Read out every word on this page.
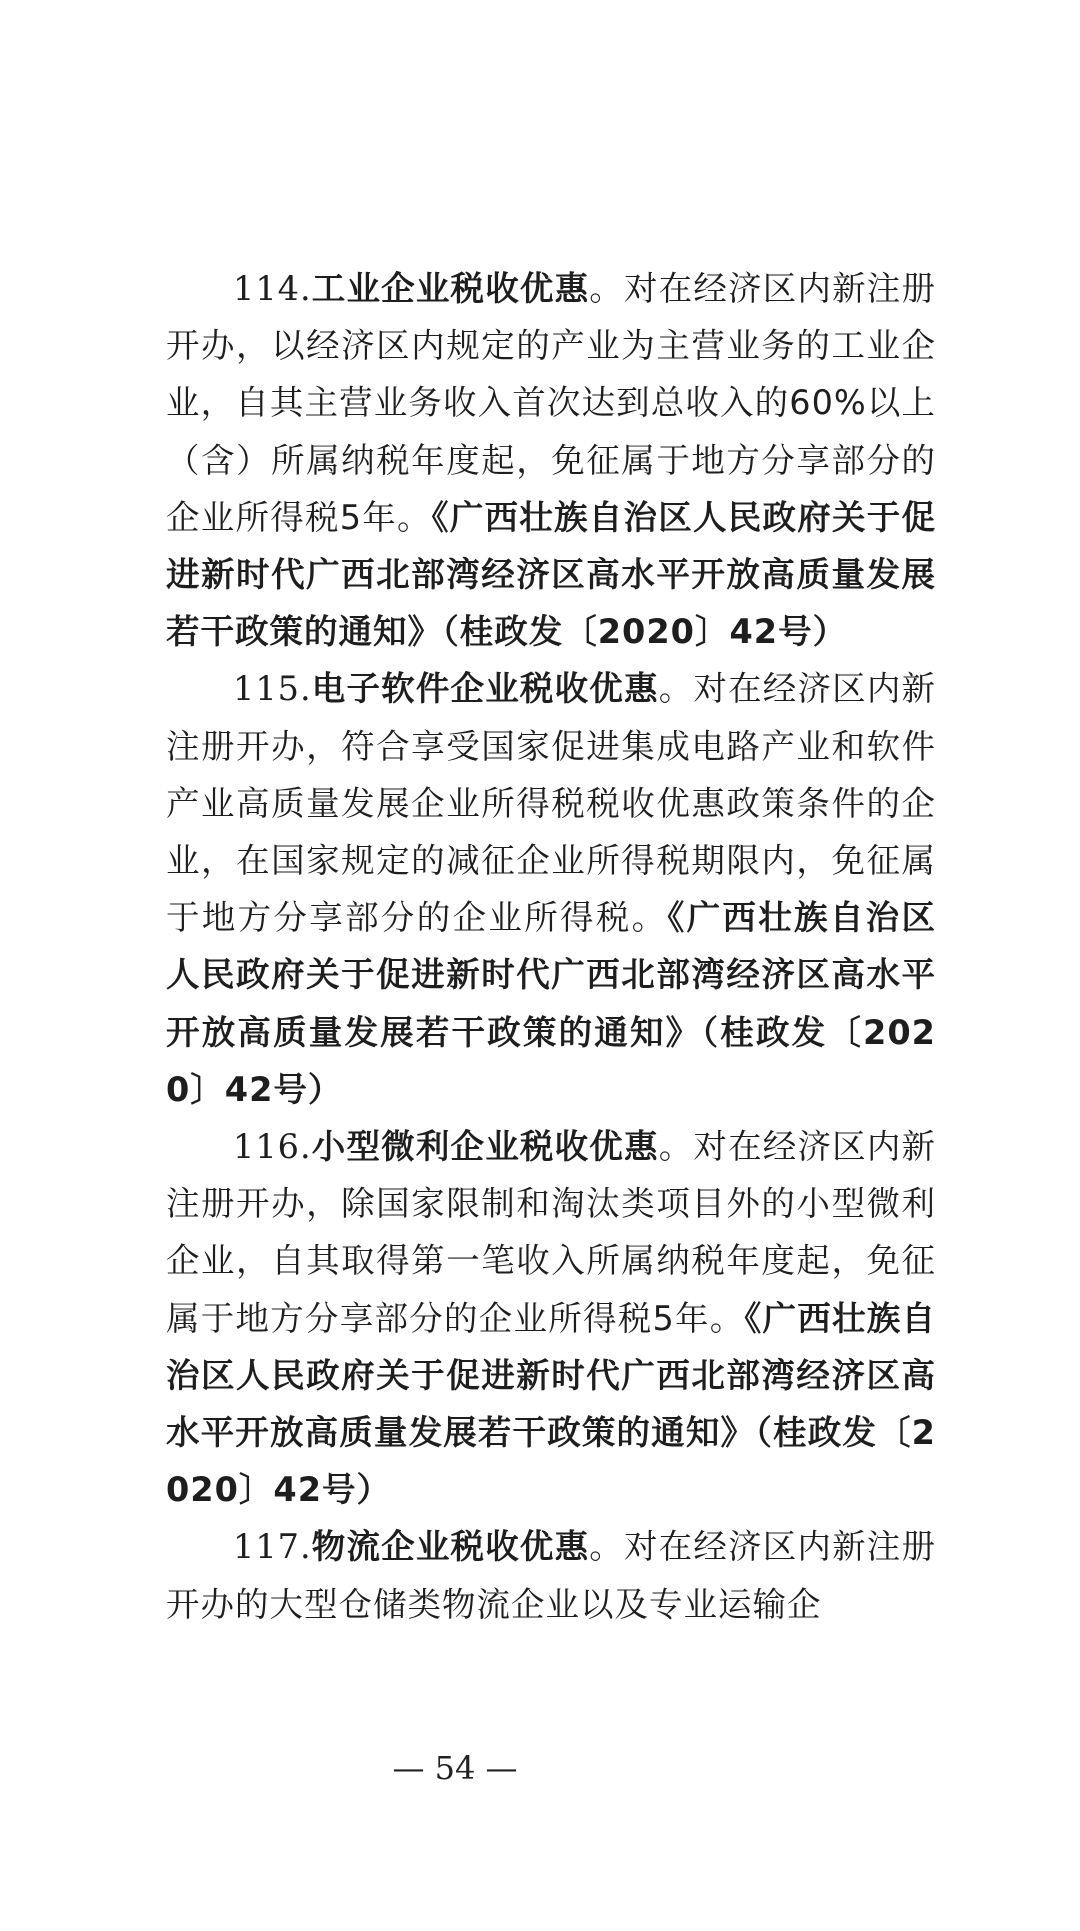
114.工业企业税收优惠。对在经济区内新注册开办，以经济区内规定的产业为主营业务的工业企业，自其主营业务收入首次达到总收入的60%以上（含）所属纳税年度起，免征属于地方分享部分的企业所得税5年。《广西壮族自治区人民政府关于促进新时代广西北部湾经济区高水平开放高质量发展若干政策的通知》（桂政发〔2020〕42号）

115.电子软件企业税收优惠。对在经济区内新注册开办，符合享受国家促进集成电路产业和软件产业高质量发展企业所得税税收优惠政策条件的企业，在国家规定的减征企业所得税期限内，免征属于地方分享部分的企业所得税。《广西壮族自治区人民政府关于促进新时代广西北部湾经济区高水平开放高质量发展若干政策的通知》（桂政发〔2020〕42号）

116.小型微利企业税收优惠。对在经济区内新注册开办，除国家限制和淘汰类项目外的小型微利企业，自其取得第一笔收入所属纳税年度起，免征属于地方分享部分的企业所得税5年。《广西壮族自治区人民政府关于促进新时代广西北部湾经济区高水平开放高质量发展若干政策的通知》（桂政发〔2020〕42号）

117.物流企业税收优惠。对在经济区内新注册开办的大型仓储类物流企业以及专业运输企

— 54 —
